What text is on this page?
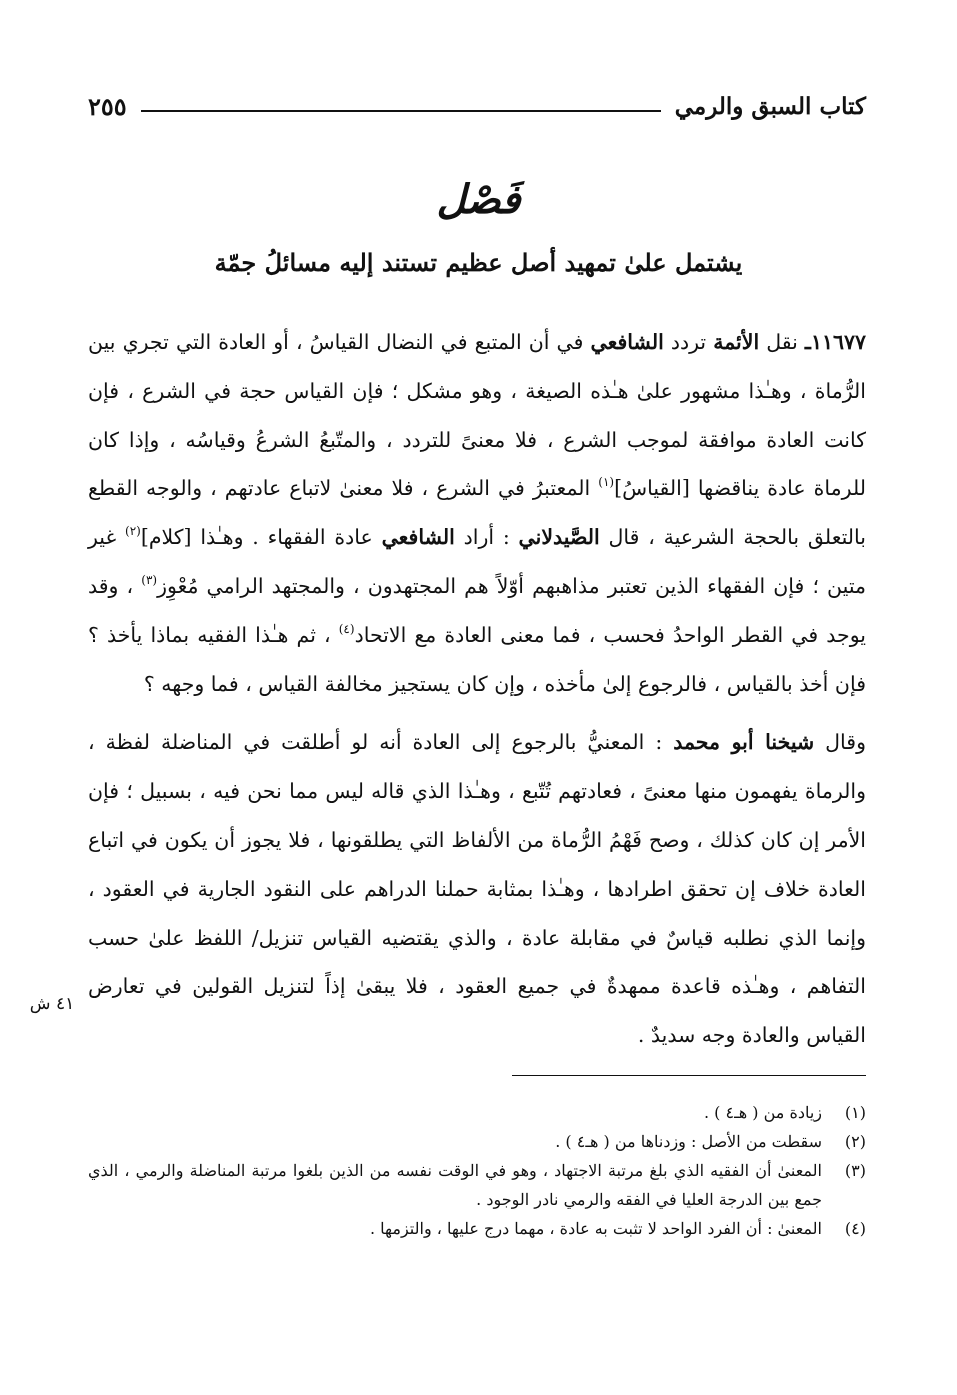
كتاب السبق والرمي
٢٥٥
فَصْل
يشتمل علىٰ تمهيد أصل عظيم تستند إليه مسائلُ جمّة

١١٦٧٧ـ نقل الأئمة تردد الشافعي في أن المتبع في النضال القياسُ ، أو العادة التي تجري بين الرُّماة ، وهـٰذا مشهور علىٰ هـٰذه الصيغة ، وهو مشكل ؛ فإن القياس حجة في الشرع ، فإن كانت العادة موافقة لموجب الشرع ، فلا معنىً للتردد ، والمتّبعُ الشرعُ وقياسُه ، وإذا كان للرماة عادة يناقضها [القياسُ]$^{(١)}$ المعتبرُ في الشرع ، فلا معنىٰ لاتباع عادتهم ، والوجه القطع بالتعلق بالحجة الشرعية ، قال الصَّيدلاني : أراد الشافعي عادة الفقهاء . وهـٰذا [كلام]$^{(٢)}$ غير متين ؛ فإن الفقهاء الذين تعتبر مذاهبهم أوّلاً هم المجتهدون ، والمجتهد الرامي مُعْوِز$^{(٣)}$ ، وقد يوجد في القطر الواحدُ فحسب ، فما معنى العادة مع الاتحاد$^{(٤)}$ ، ثم هـٰذا الفقيه بماذا يأخذ ؟ فإن أخذ بالقياس ، فالرجوع إلىٰ مأخذه ، وإن كان يستجيز مخالفة القياس ، فما وجهه ؟

وقال شيخنا أبو محمد : المعنيُّ بالرجوع إلى العادة أنه لو أطلقت في المناضلة لفظة ، والرماة يفهمون منها معنىً ، فعادتهم تُتّبع ، وهـٰذا الذي قاله ليس مما نحن فيه ، بسبيل ؛ فإن الأمر إن كان كذلك ، وصح فَهْمُ الرُّماة من الألفاظ التي يطلقونها ، فلا يجوز أن يكون في اتباع العادة خلاف إن تحقق اطرادها ، وهـٰذا بمثابة حملنا الدراهم على النقود الجارية في العقود ، وإنما الذي نطلبه قياسٌ في مقابلة عادة ، والذي يقتضيه القياس تنزيل/ اللفظ علىٰ حسب التفاهم ، وهـٰذه قاعدة ممهدةٌ في جميع العقود ، فلا يبقىٰ إذاً لتنزيل القولين في تعارض القياس والعادة وجه سديدٌ .

٤١ ش
(١)
زيادة من ( هـ٤ ) .
(٢)
سقطت من الأصل : وزدناها من ( هـ٤ ) .
(٣)
المعنىٰ أن الفقيه الذي بلغ مرتبة الاجتهاد ، وهو في الوقت نفسه من الذين بلغوا مرتبة المناضلة والرمي ، الذي جمع بين الدرجة العليا في الفقه والرمي نادر الوجود .
(٤)
المعنىٰ : أن الفرد الواحد لا تثبت به عادة ، مهما درج عليها ، والتزمها .
